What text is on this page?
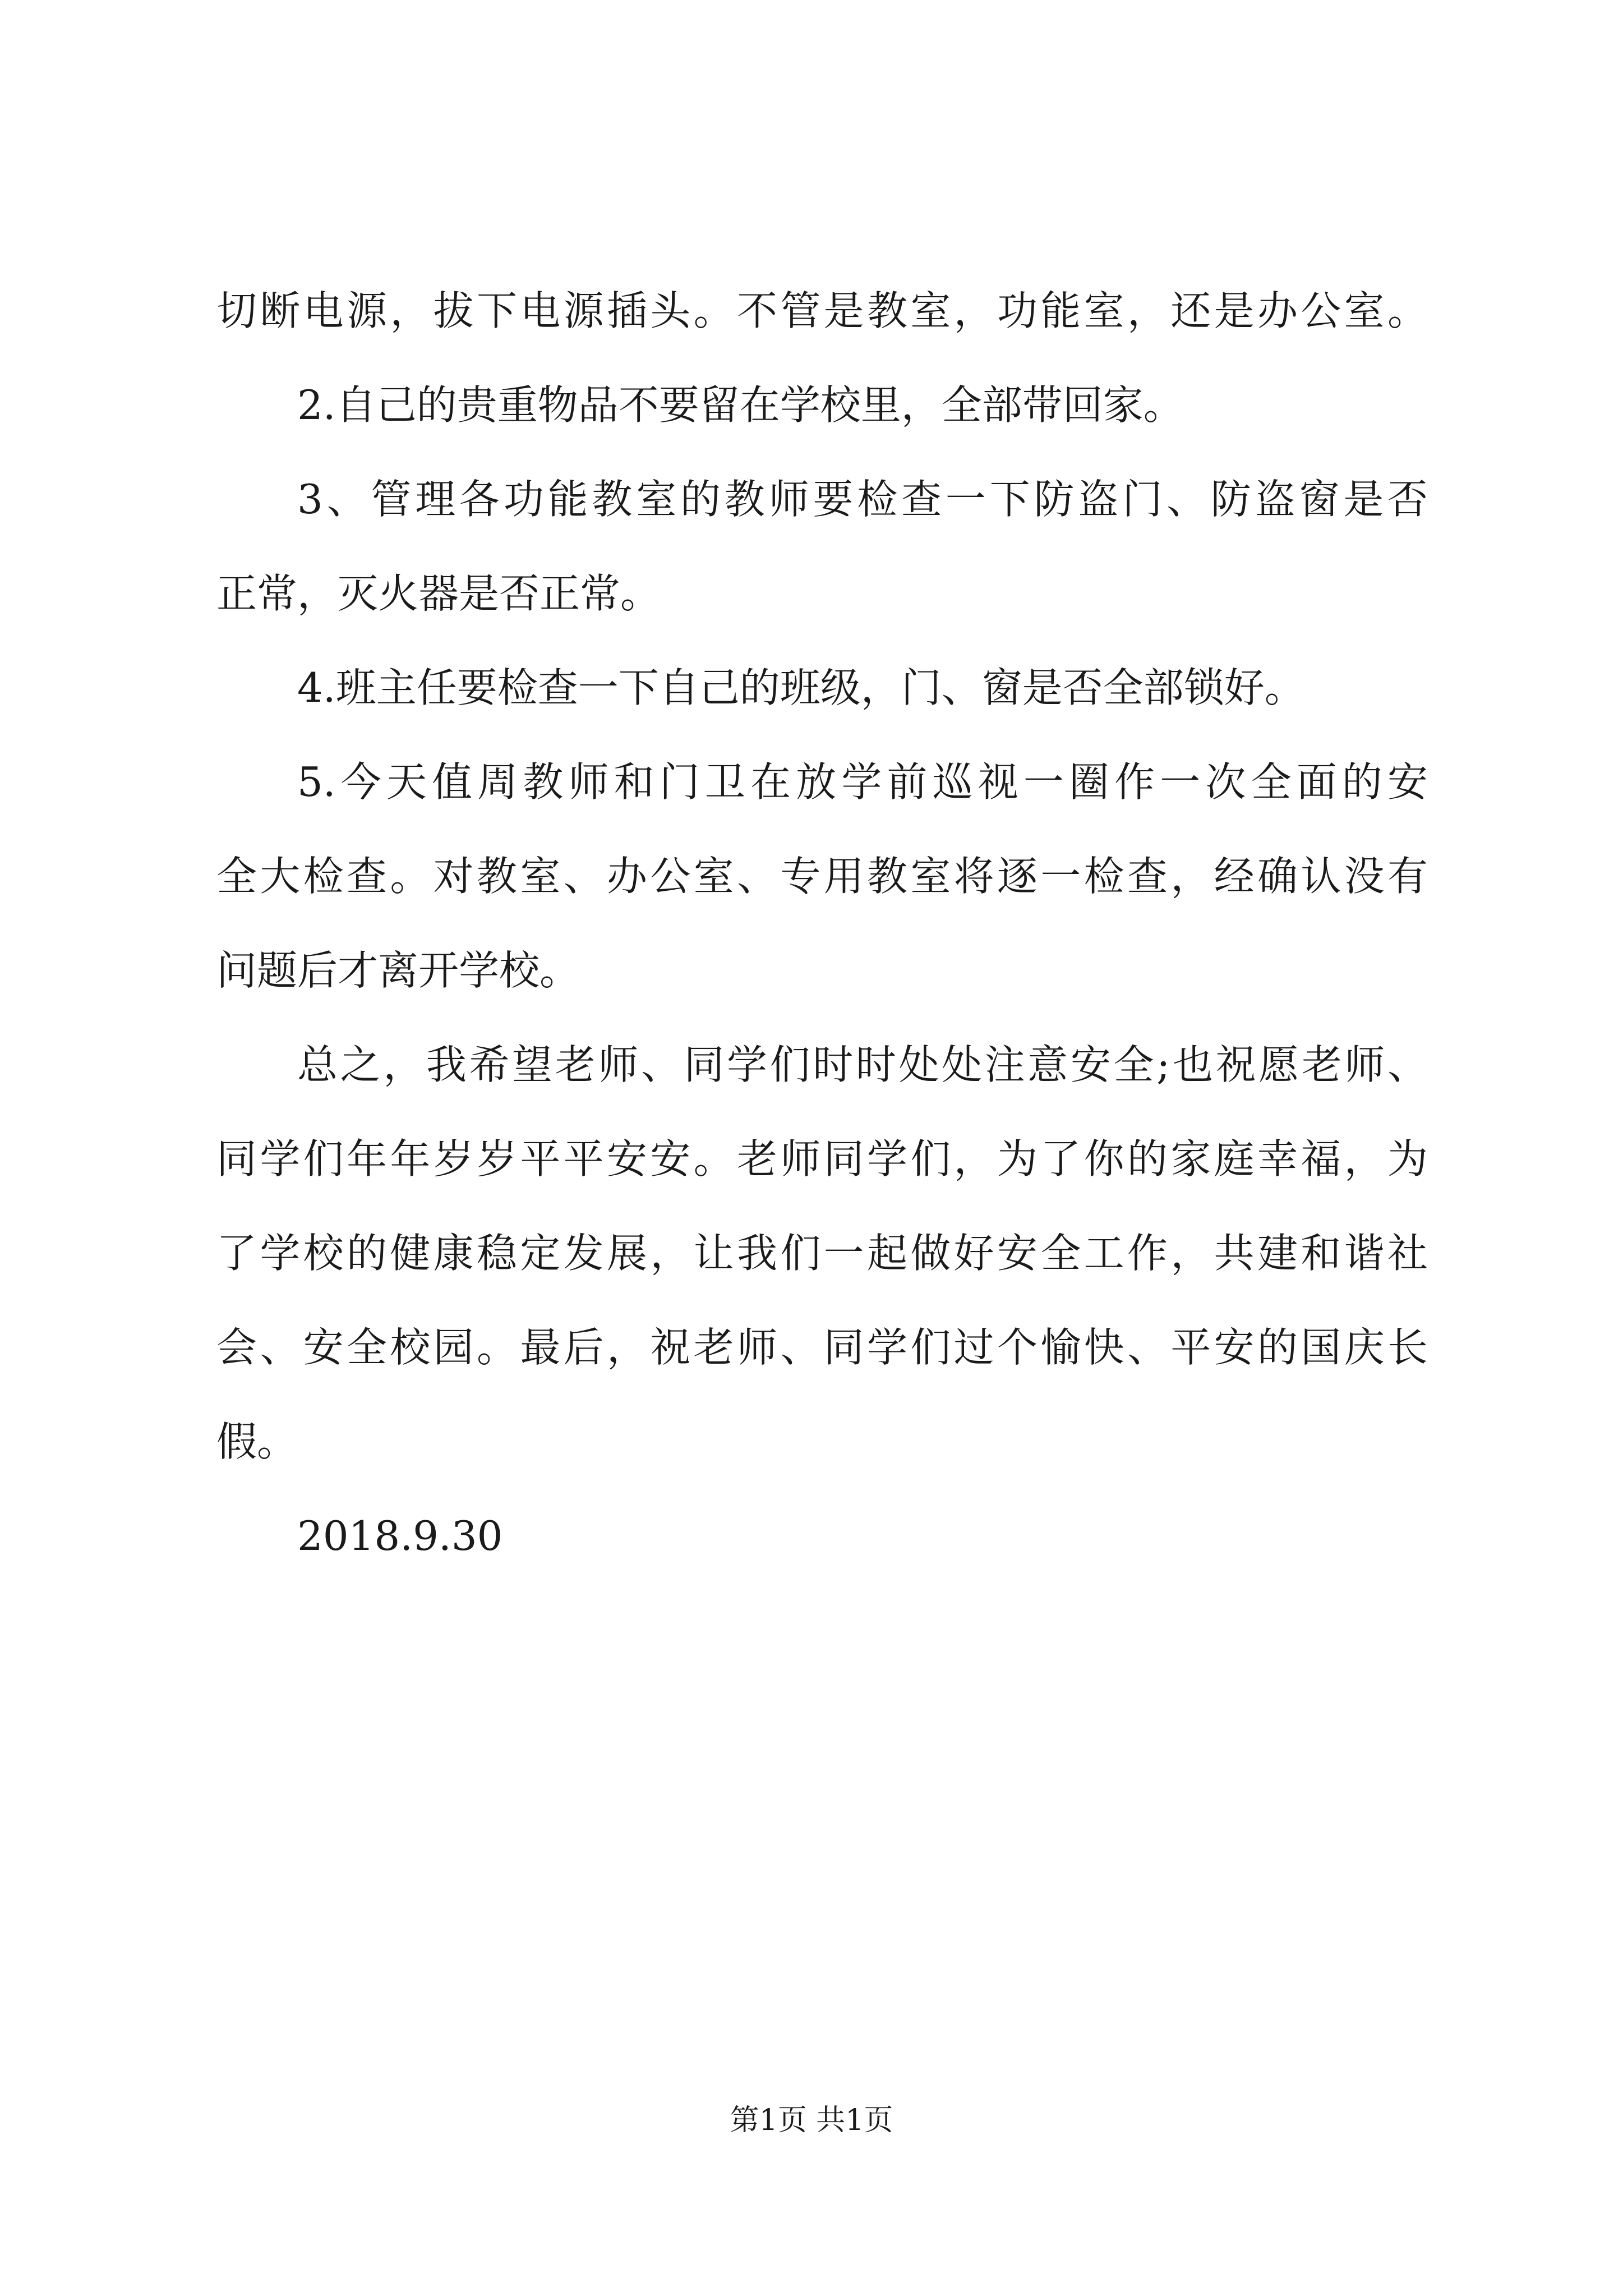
切断电源，拔下电源插头。不管是教室，功能室，还是办公室。
2.自己的贵重物品不要留在学校里，全部带回家。
3、管理各功能教室的教师要检查一下防盗门、防盗窗是否
正常，灭火器是否正常。
4.班主任要检查一下自己的班级，门、窗是否全部锁好。
5.今天值周教师和门卫在放学前巡视一圈作一次全面的安
全大检查。对教室、办公室、专用教室将逐一检查，经确认没有
问题后才离开学校。
总之，我希望老师、同学们时时处处注意安全;也祝愿老师、
同学们年年岁岁平平安安。老师同学们，为了你的家庭幸福，为
了学校的健康稳定发展，让我们一起做好安全工作，共建和谐社
会、安全校园。最后，祝老师、同学们过个愉快、平安的国庆长
假。
2018.9.30
第1页 共1页
